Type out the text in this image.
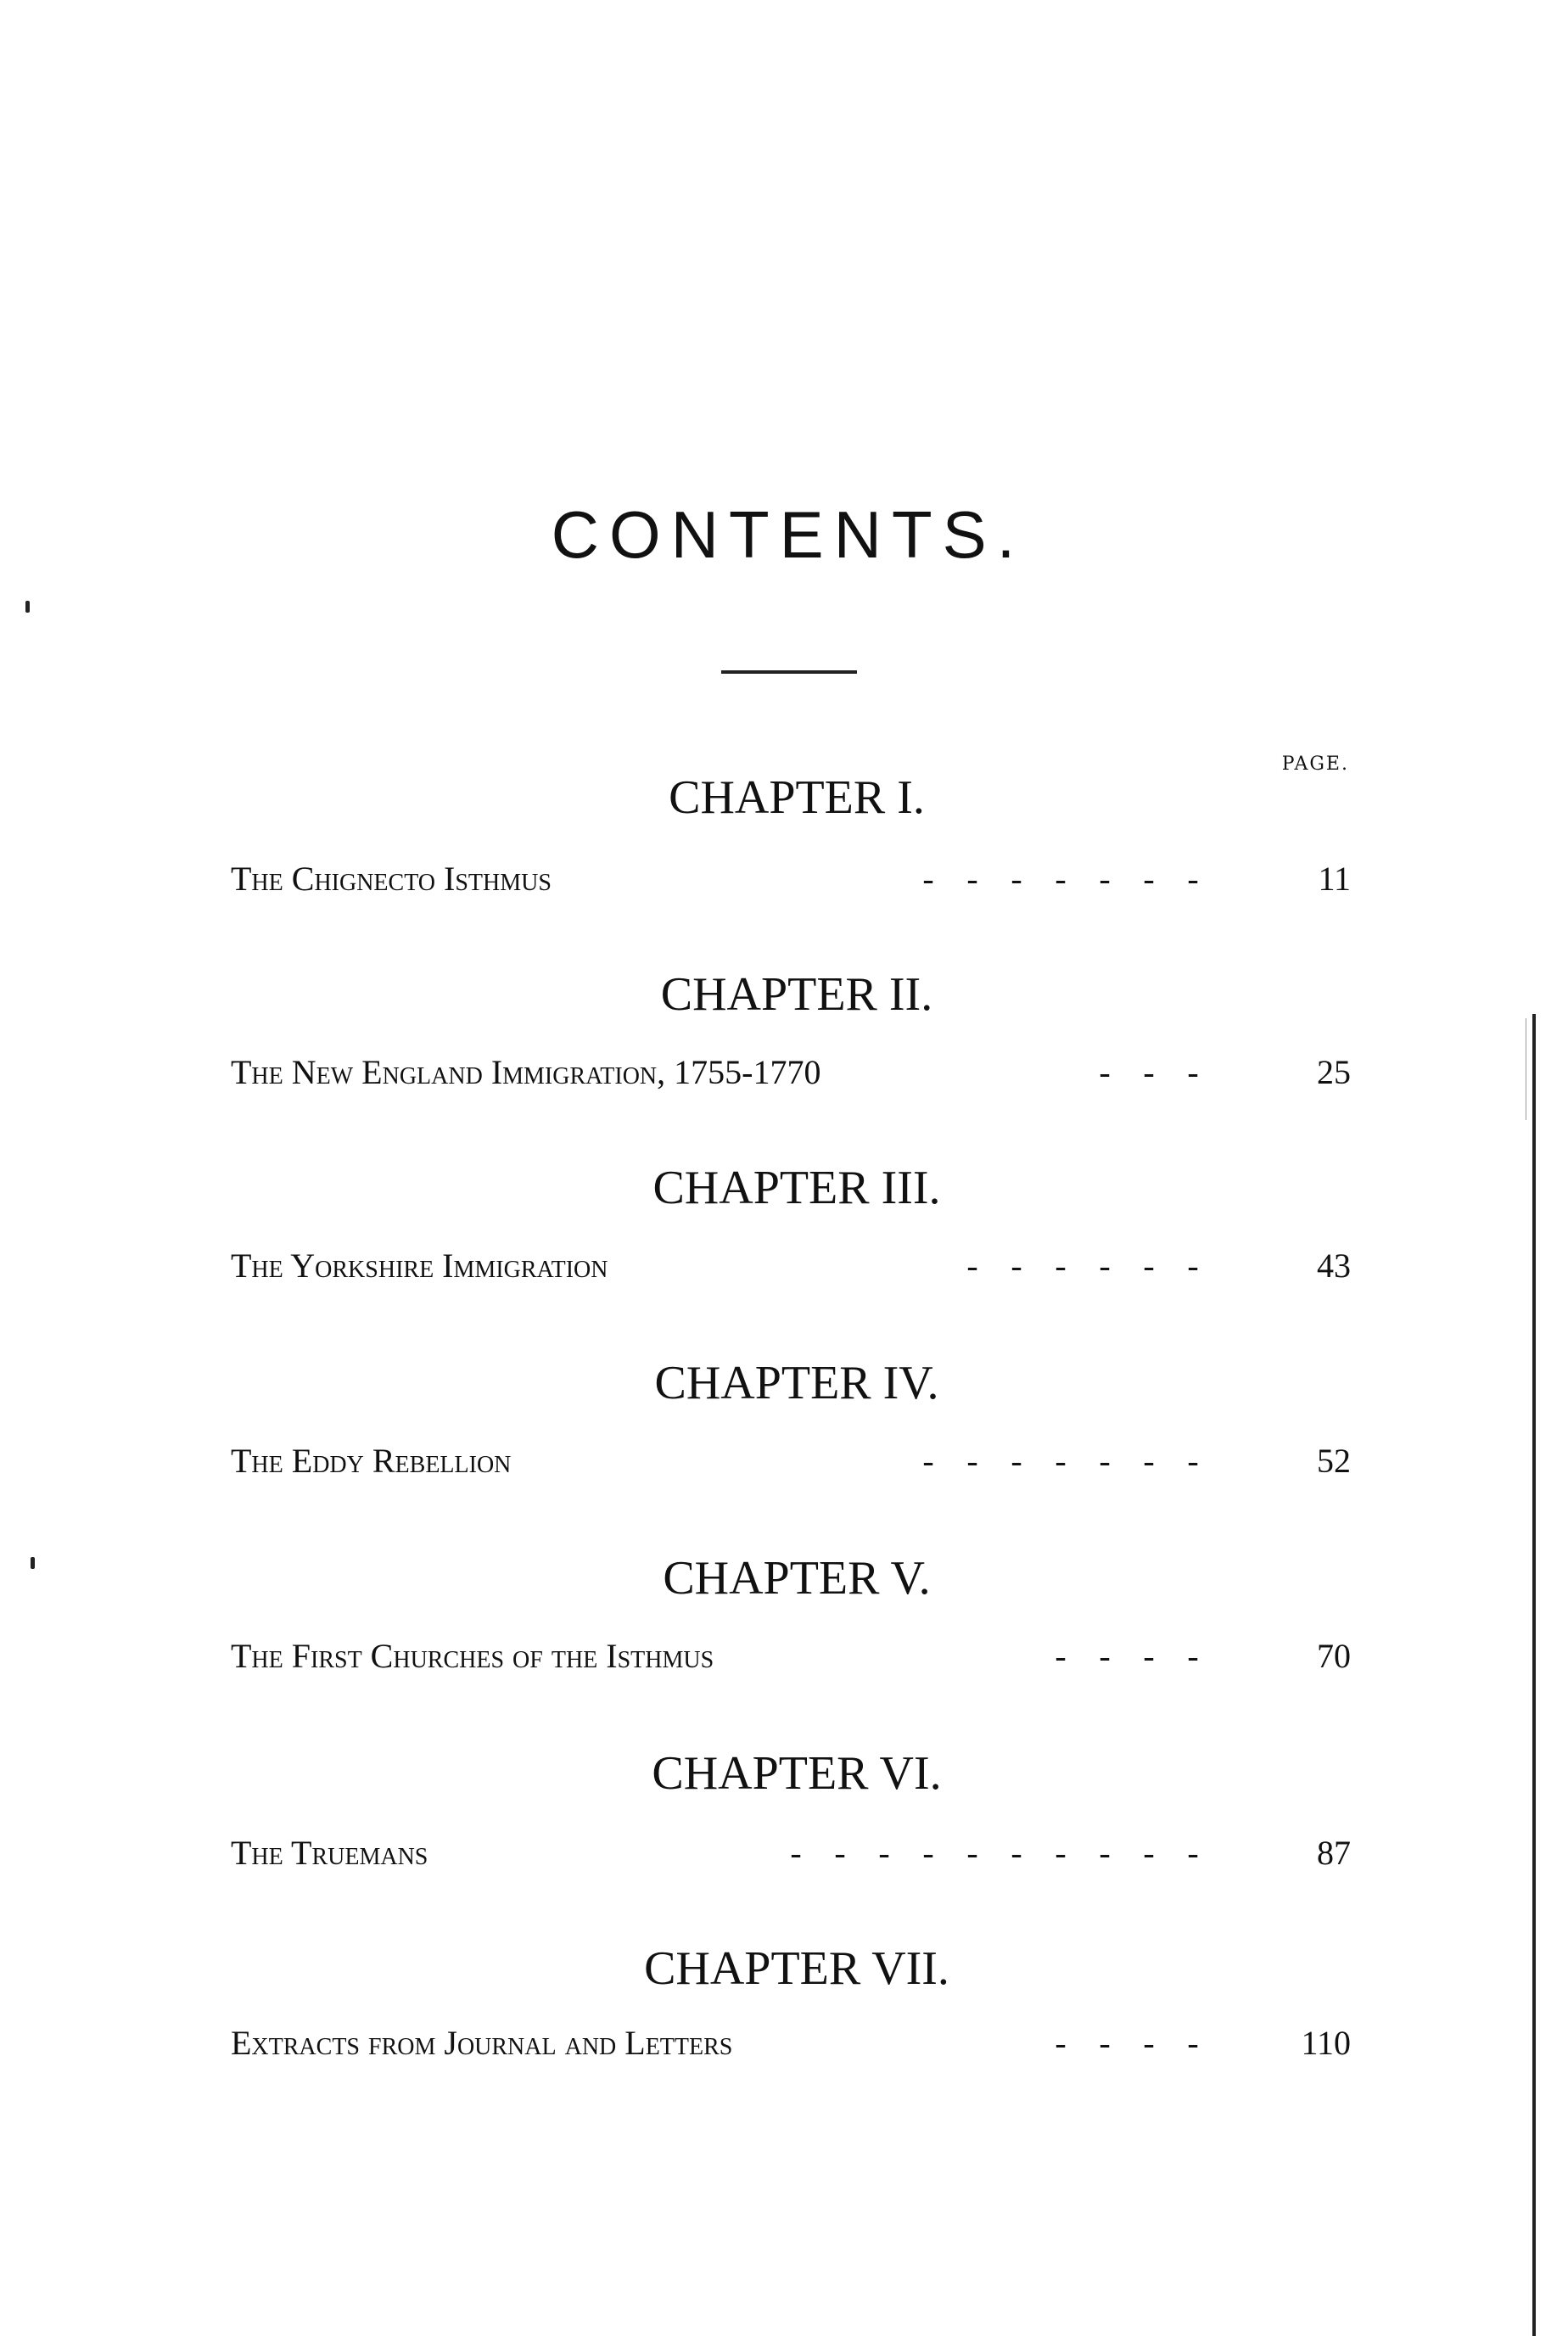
CONTENTS.
PAGE.
CHAPTER I.
The Chignecto Isthmus	- - - - - - -	11
CHAPTER II.
The New England Immigration, 1755-1770	- - -	25
CHAPTER III.
The Yorkshire Immigration	- - - - - -	43
CHAPTER IV.
The Eddy Rebellion	- - - - - - -	52
CHAPTER V.
The First Churches of the Isthmus	- - - -	70
CHAPTER VI.
The Truemans	- - - - - - - - - -	87
CHAPTER VII.
Extracts from Journal and Letters	- - - -	110
